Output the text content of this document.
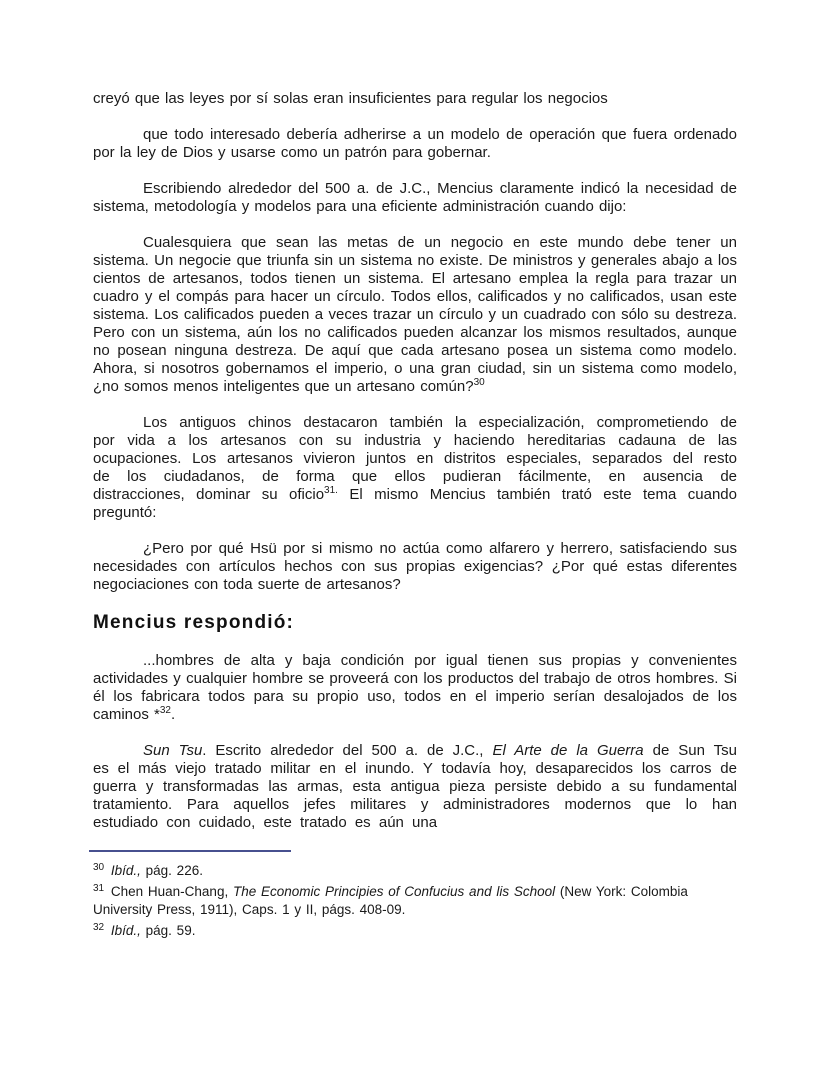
creyó que las leyes por sí solas eran insuficientes para regular los negocios

que todo interesado debería adherirse a un modelo de operación que fuera ordenado por la ley de Dios y usarse como un patrón para gobernar.

Escribiendo alrededor del 500 a. de J.C., Mencius claramente indicó la necesidad de sistema, metodología y modelos para una eficiente administración cuando dijo:

Cualesquiera que sean las metas de un negocio en este mundo debe tener un sistema. Un negocie que triunfa sin un sistema no existe. De ministros y generales abajo a los cientos de artesanos, todos tienen un sistema. El artesano emplea la regla para trazar un cuadro y el compás para hacer un círculo. Todos ellos, calificados y no calificados, usan este sistema. Los calificados pueden a veces trazar un círculo y un cuadrado con sólo su destreza. Pero con un sistema, aún los no calificados pueden alcanzar los mismos resultados, aunque no posean ninguna destreza. De aquí que cada artesano posea un sistema como modelo. Ahora, si nosotros gobernamos el imperio, o una gran ciudad, sin un sistema como modelo, ¿no somos menos inteligentes que un artesano común?$^{30}$

Los antiguos chinos destacaron también la especialización, comprometiendo de por vida a los artesanos con su industria y haciendo hereditarias cadauna de las ocupaciones. Los artesanos vivieron juntos en distritos especiales, separados del resto de los ciudadanos, de forma que ellos pudieran fácilmente, en ausencia de distracciones, dominar su oficio$^{31.}$ El mismo Mencius también trató este tema cuando preguntó:

¿Pero por qué Hsü por si mismo no actúa como alfarero y herrero, satisfaciendo sus necesidades con artículos hechos con sus propias exigencias? ¿Por qué estas diferentes negociaciones con toda suerte de artesanos?

Mencius respondió:

...hombres de alta y baja condición por igual tienen sus propias y convenientes actividades y cualquier hombre se proveerá con los productos del trabajo de otros hombres. Si él los fabricara todos para su propio uso, todos en el imperio serían desalojados de los caminos *$^{32}$.

Sun Tsu. Escrito alrededor del 500 a. de J.C., El Arte de la Guerra de Sun Tsu es el más viejo tratado militar en el inundo. Y todavía hoy, desaparecidos los carros de guerra y transformadas las armas, esta antigua pieza persiste debido a su fundamental tratamiento. Para aquellos jefes militares y administradores modernos que lo han estudiado con cuidado, este tratado es aún una

$^{30}$ Ibíd., pág. 226.

$^{31}$ Chen Huan-Chang, The Economic Principies of Confucius and lis School (New York: Colombia University Press, 1911), Caps. 1 y II, págs. 408-09.

$^{32}$ Ibíd., pág. 59.
